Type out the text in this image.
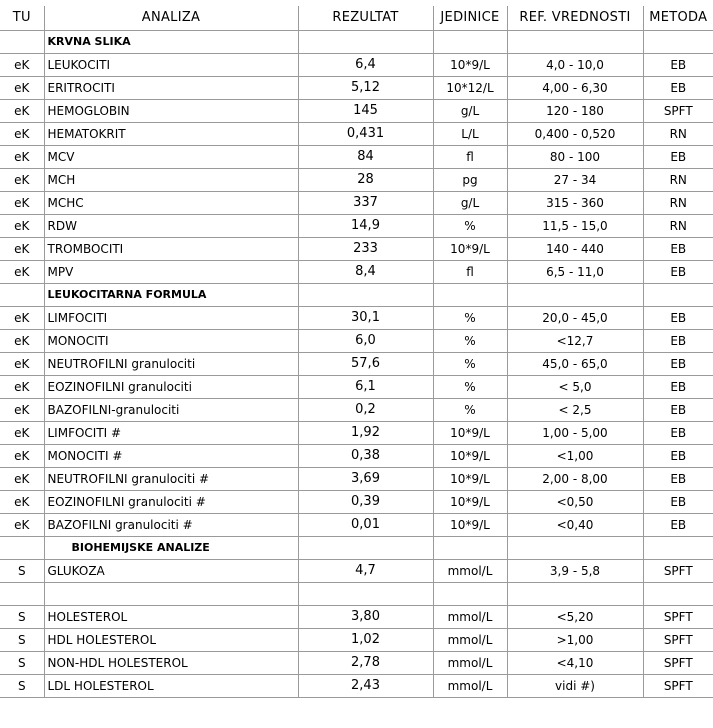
TU	ANALIZA	REZULTAT	JEDINICE	REF. VREDNOSTI	METODA
	KRVNA SLIKA				
eK	LEUKOCITI	6,4	10*9/L	4,0 - 10,0	EB
eK	ERITROCITI	5,12	10*12/L	4,00 - 6,30	EB
eK	HEMOGLOBIN	145	g/L	120 - 180	SPFT
eK	HEMATOKRIT	0,431	L/L	0,400 - 0,520	RN
eK	MCV	84	fl	80 - 100	EB
eK	MCH	28	pg	27 - 34	RN
eK	MCHC	337	g/L	315 - 360	RN
eK	RDW	14,9	%	11,5 - 15,0	RN
eK	TROMBOCITI	233	10*9/L	140 - 440	EB
eK	MPV	8,4	fl	6,5 - 11,0	EB
	LEUKOCITARNA FORMULA				
eK	LIMFOCITI	30,1	%	20,0 - 45,0	EB
eK	MONOCITI	6,0	%	<12,7	EB
eK	NEUTROFILNI granulociti	57,6	%	45,0 - 65,0	EB
eK	EOZINOFILNI granulociti	6,1	%	< 5,0	EB
eK	BAZOFILNI-granulociti	0,2	%	< 2,5	EB
eK	LIMFOCITI #	1,92	10*9/L	1,00 - 5,00	EB
eK	MONOCITI #	0,38	10*9/L	<1,00	EB
eK	NEUTROFILNI granulociti #	3,69	10*9/L	2,00 - 8,00	EB
eK	EOZINOFILNI granulociti #	0,39	10*9/L	<0,50	EB
eK	BAZOFILNI granulociti #	0,01	10*9/L	<0,40	EB
	BIOHEMIJSKE ANALIZE				
S	GLUKOZA	4,7	mmol/L	3,9 - 5,8	SPFT

S	HOLESTEROL	3,80	mmol/L	<5,20	SPFT
S	HDL HOLESTEROL	1,02	mmol/L	>1,00	SPFT
S	NON-HDL HOLESTEROL	2,78	mmol/L	<4,10	SPFT
S	LDL HOLESTEROL	2,43	mmol/L	vidi #)	SPFT
